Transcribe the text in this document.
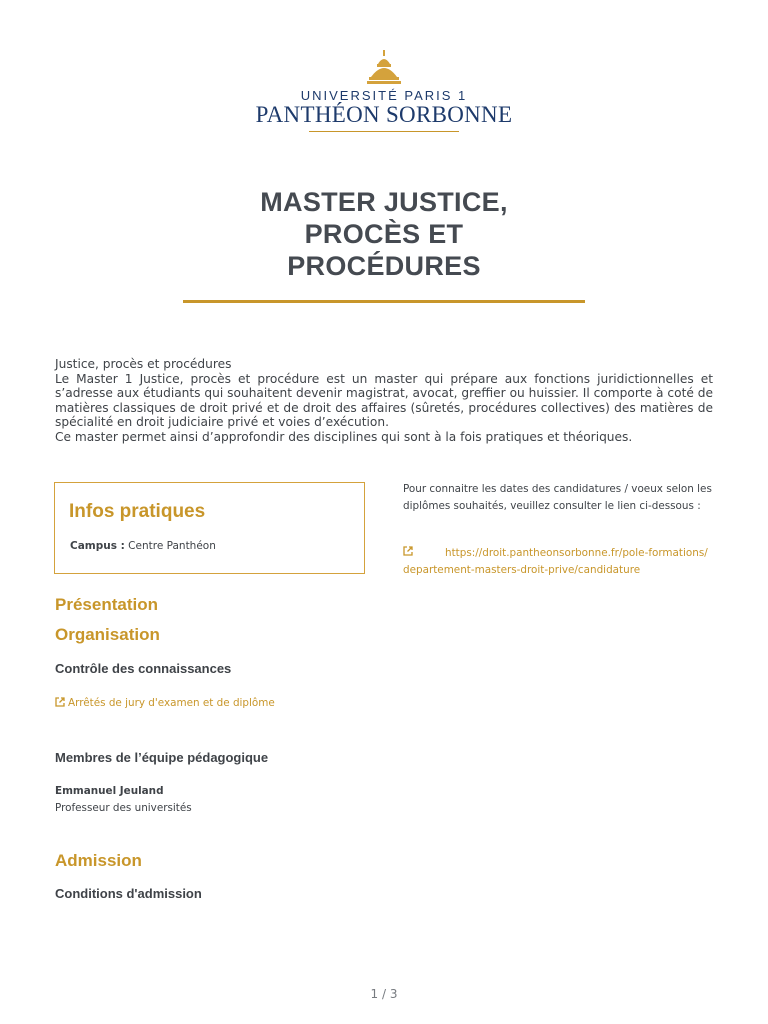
UNIVERSITÉ PARIS 1
PANTHÉON SORBONNE
MASTER JUSTICE,
PROCÈS ET
PROCÉDURES

Justice, procès et procédures

Le Master 1 Justice, procès et procédure est un master qui prépare aux fonctions juridictionnelles et s’adresse aux étudiants qui souhaitent devenir magistrat, avocat, greffier ou huissier. Il comporte à coté de matières classiques de droit privé et de droit des affaires (sûretés, procédures collectives) des matières de spécialité en droit judiciaire privé et voies d’exécution.

Ce master permet ainsi d’approfondir des disciplines qui sont à la fois pratiques et théoriques.

Infos pratiques
Campus : Centre Panthéon
Pour connaitre les dates des candidatures / voeux selon les diplômes souhaités, veuillez consulter le lien ci-dessous :
https://droit.pantheonsorbonne.fr/pole-formations/
departement-masters-droit-prive/candidature
Présentation
Organisation
Contrôle des connaissances
Arrêtés de jury d'examen et de diplôme
Membres de l’équipe pédagogique
Emmanuel Jeuland
Professeur des universités
Admission
Conditions d'admission
1 / 3
